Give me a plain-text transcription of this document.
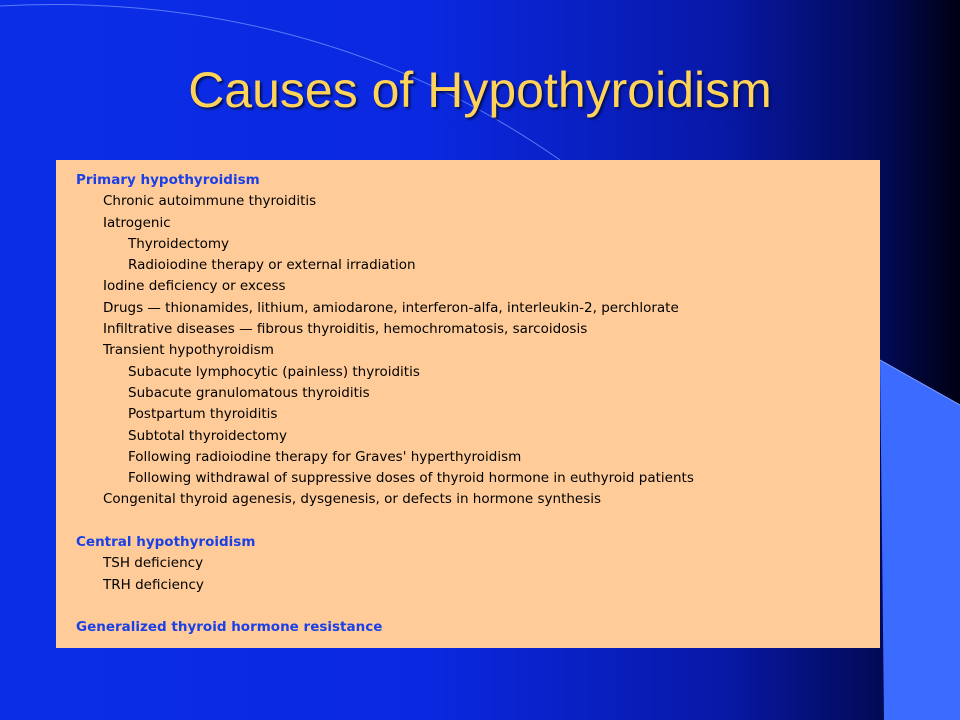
Causes of Hypothyroidism
Primary hypothyroidism
Chronic autoimmune thyroiditis
Iatrogenic
Thyroidectomy
Radioiodine therapy or external irradiation
Iodine deficiency or excess
Drugs — thionamides, lithium, amiodarone, interferon-alfa, interleukin-2, perchlorate
Infiltrative diseases — fibrous thyroiditis, hemochromatosis, sarcoidosis
Transient hypothyroidism
Subacute lymphocytic (painless) thyroiditis
Subacute granulomatous thyroiditis
Postpartum thyroiditis
Subtotal thyroidectomy
Following radioiodine therapy for Graves' hyperthyroidism
Following withdrawal of suppressive doses of thyroid hormone in euthyroid patients
Congenital thyroid agenesis, dysgenesis, or defects in hormone synthesis
Central hypothyroidism
TSH deficiency
TRH deficiency
Generalized thyroid hormone resistance
